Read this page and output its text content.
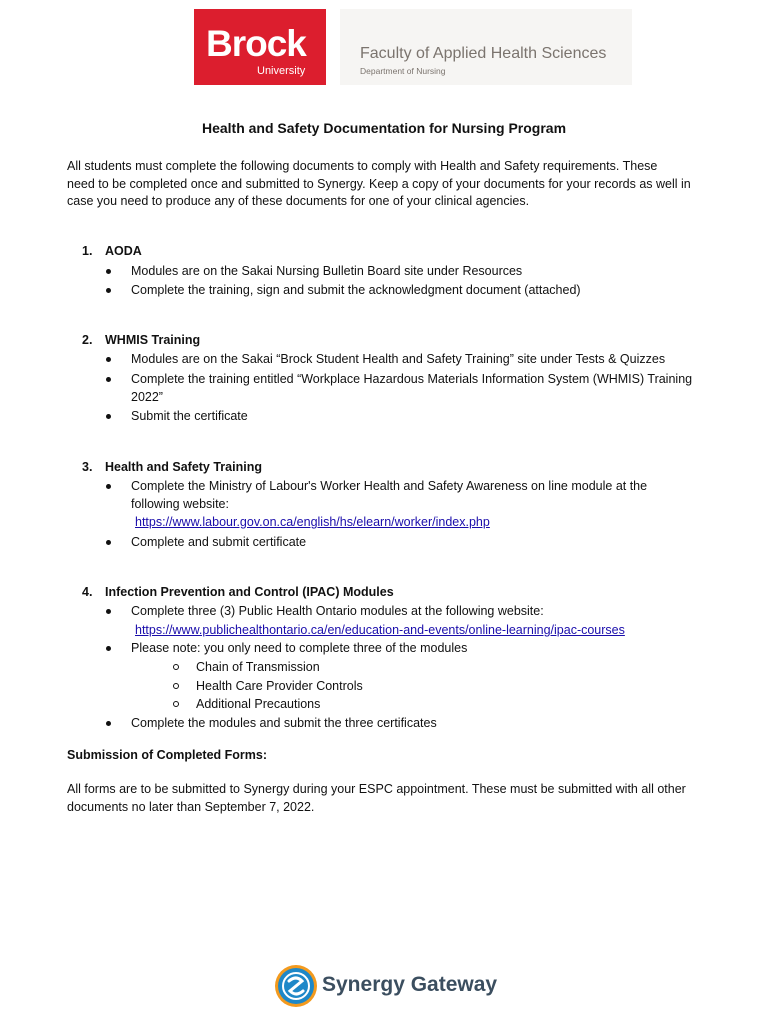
Brock
University
Faculty of Applied Health Sciences
Department of Nursing
Health and Safety Documentation for Nursing Program
All students must complete the following documents to comply with Health and Safety requirements. These
need to be completed once and submitted to Synergy. Keep a copy of your documents for your records as well in
case you need to produce any of these documents for one of your clinical agencies.
1. AODA
Modules are on the Sakai Nursing Bulletin Board site under Resources
Complete the training, sign and submit the acknowledgment document (attached)
2. WHMIS Training
Modules are on the Sakai “Brock Student Health and Safety Training” site under Tests & Quizzes
Complete the training entitled “Workplace Hazardous Materials Information System (WHMIS) Training
2022”
Submit the certificate
3. Health and Safety Training
Complete the Ministry of Labour's Worker Health and Safety Awareness on line module at the
following website:
https://www.labour.gov.on.ca/english/hs/elearn/worker/index.php
Complete and submit certificate
4. Infection Prevention and Control (IPAC) Modules
Complete three (3) Public Health Ontario modules at the following website:
https://www.publichealthontario.ca/en/education-and-events/online-learning/ipac-courses
Please note: you only need to complete three of the modules
Chain of Transmission
Health Care Provider Controls
Additional Precautions
Complete the modules and submit the three certificates
Submission of Completed Forms:
All forms are to be submitted to Synergy during your ESPC appointment. These must be submitted with all other
documents no later than September 7, 2022.
Synergy Gateway
